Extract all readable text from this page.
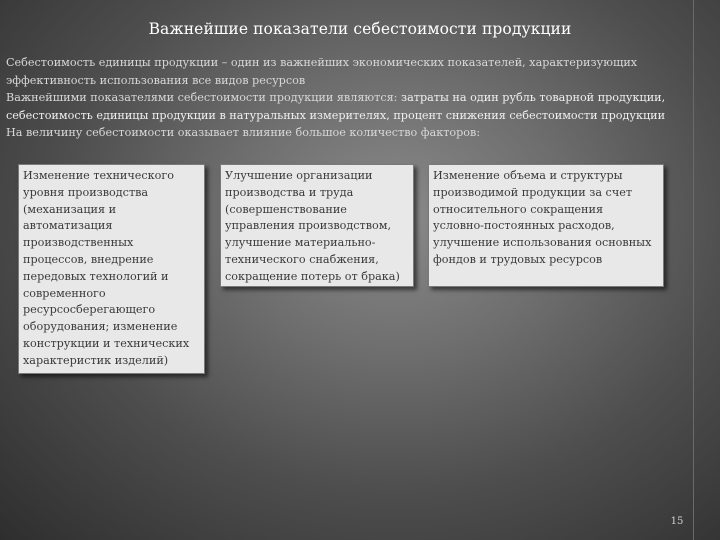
Важнейшие показатели себестоимости продукции

Себестоимость единицы продукции – один из важнейших экономических показателей, характеризующих эффективность использования все видов ресурсов

Важнейшими показателями себестоимости продукции являются: затраты на один рубль товарной продукции, себестоимость единицы продукции в натуральных измерителях, процент снижения себестоимости продукции

На величину себестоимости оказывает влияние большое количество факторов:

Изменение технического уровня производства (механизация и автоматизация производственных процессов, внедрение передовых технологий и современного ресурсосберегающего оборудования; изменение конструкции и технических характеристик изделий)
Улучшение организации производства и труда (совершенствование управления производством, улучшение материально-технического снабжения, сокращение потерь от брака)
Изменение объема и структуры производимой продукции за счет относительного сокращения условно-постоянных расходов, улучшение использования основных фондов и трудовых ресурсов
15
